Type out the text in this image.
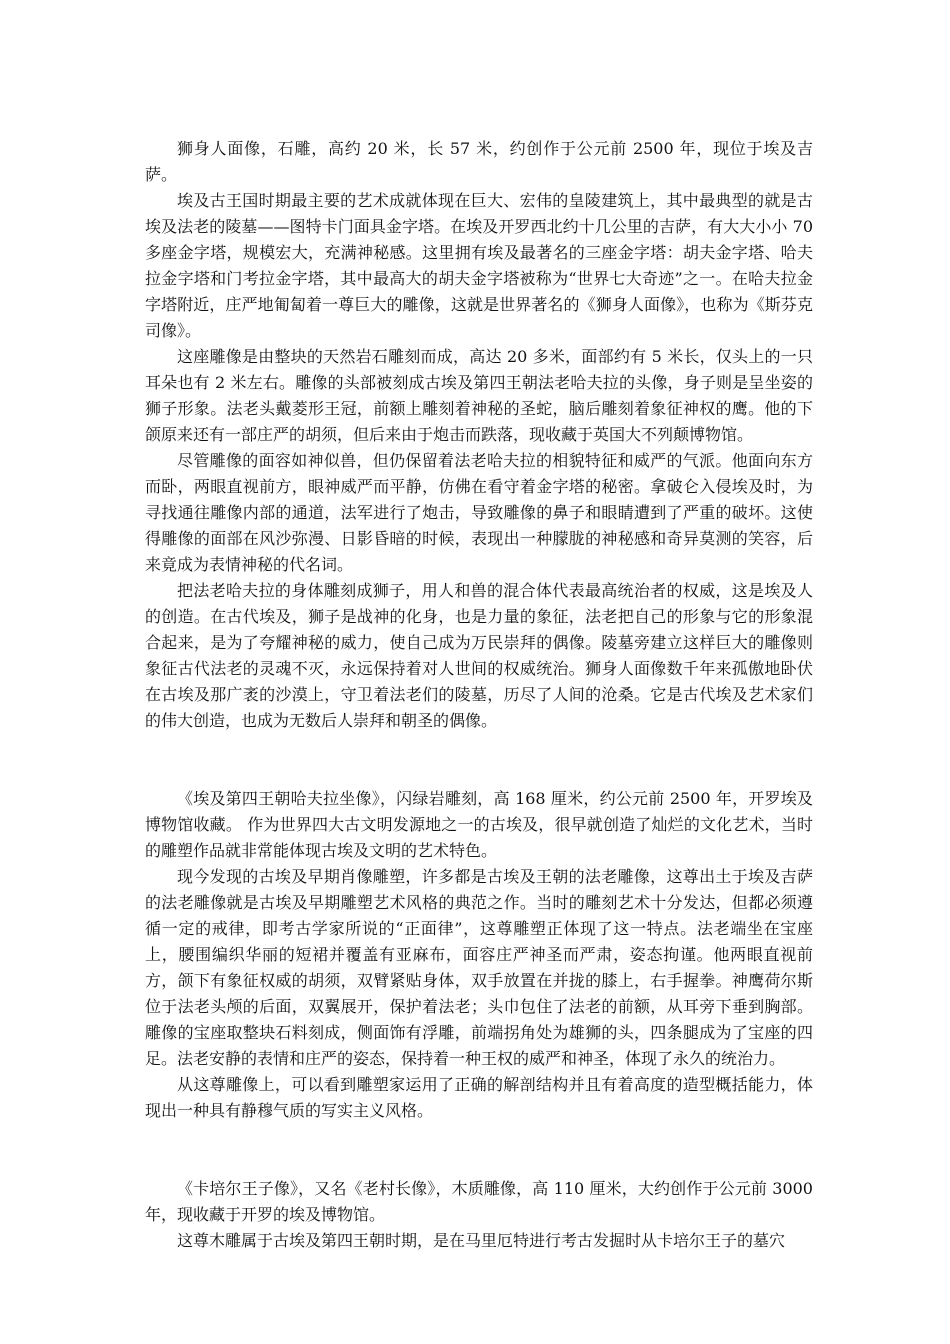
狮身人面像，石雕，高约 20 米，长 57 米，约创作于公元前 2500 年，现位于埃及吉萨。

埃及古王国时期最主要的艺术成就体现在巨大、宏伟的皇陵建筑上，其中最典型的就是古埃及法老的陵墓——图特卡门面具金字塔。在埃及开罗西北约十几公里的吉萨，有大大小小 70 多座金字塔，规模宏大，充满神秘感。这里拥有埃及最著名的三座金字塔：胡夫金字塔、哈夫拉金字塔和门考拉金字塔，其中最高大的胡夫金字塔被称为“世界七大奇迹”之一。在哈夫拉金字塔附近，庄严地匍匐着一尊巨大的雕像，这就是世界著名的《狮身人面像》，也称为《斯芬克司像》。

这座雕像是由整块的天然岩石雕刻而成，高达 20 多米，面部约有 5 米长，仅头上的一只耳朵也有 2 米左右。雕像的头部被刻成古埃及第四王朝法老哈夫拉的头像，身子则是呈坐姿的狮子形象。法老头戴菱形王冠，前额上雕刻着神秘的圣蛇，脑后雕刻着象征神权的鹰。他的下颌原来还有一部庄严的胡须，但后来由于炮击而跌落，现收藏于英国大不列颠博物馆。

尽管雕像的面容如神似兽，但仍保留着法老哈夫拉的相貌特征和威严的气派。他面向东方而卧，两眼直视前方，眼神威严而平静，仿佛在看守着金字塔的秘密。拿破仑入侵埃及时，为寻找通往雕像内部的通道，法军进行了炮击，导致雕像的鼻子和眼睛遭到了严重的破坏。这使得雕像的面部在风沙弥漫、日影昏暗的时候，表现出一种朦胧的神秘感和奇异莫测的笑容，后来竟成为表情神秘的代名词。

把法老哈夫拉的身体雕刻成狮子，用人和兽的混合体代表最高统治者的权威，这是埃及人的创造。在古代埃及，狮子是战神的化身，也是力量的象征，法老把自己的形象与它的形象混合起来，是为了夸耀神秘的威力，使自己成为万民崇拜的偶像。陵墓旁建立这样巨大的雕像则象征古代法老的灵魂不灭，永远保持着对人世间的权威统治。狮身人面像数千年来孤傲地卧伏在古埃及那广袤的沙漠上，守卫着法老们的陵墓，历尽了人间的沧桑。它是古代埃及艺术家们的伟大创造，也成为无数后人崇拜和朝圣的偶像。

《埃及第四王朝哈夫拉坐像》，闪绿岩雕刻，高 168 厘米，约公元前 2500 年，开罗埃及博物馆收藏。 作为世界四大古文明发源地之一的古埃及，很早就创造了灿烂的文化艺术，当时的雕塑作品就非常能体现古埃及文明的艺术特色。

现今发现的古埃及早期肖像雕塑，许多都是古埃及王朝的法老雕像，这尊出土于埃及吉萨的法老雕像就是古埃及早期雕塑艺术风格的典范之作。当时的雕刻艺术十分发达，但都必须遵循一定的戒律，即考古学家所说的“正面律”，这尊雕塑正体现了这一特点。法老端坐在宝座上，腰围编织华丽的短裙并覆盖有亚麻布，面容庄严神圣而严肃，姿态拘谨。他两眼直视前方，颌下有象征权威的胡须，双臂紧贴身体，双手放置在并拢的膝上，右手握拳。神鹰荷尔斯位于法老头颅的后面，双翼展开，保护着法老；头巾包住了法老的前额，从耳旁下垂到胸部。雕像的宝座取整块石料刻成，侧面饰有浮雕，前端拐角处为雄狮的头，四条腿成为了宝座的四足。法老安静的表情和庄严的姿态，保持着一种王权的威严和神圣，体现了永久的统治力。

从这尊雕像上，可以看到雕塑家运用了正确的解剖结构并且有着高度的造型概括能力，体现出一种具有静穆气质的写实主义风格。

《卡培尔王子像》，又名《老村长像》，木质雕像，高 110 厘米，大约创作于公元前 3000 年，现收藏于开罗的埃及博物馆。

这尊木雕属于古埃及第四王朝时期，是在马里厄特进行考古发掘时从卡培尔王子的墓穴
